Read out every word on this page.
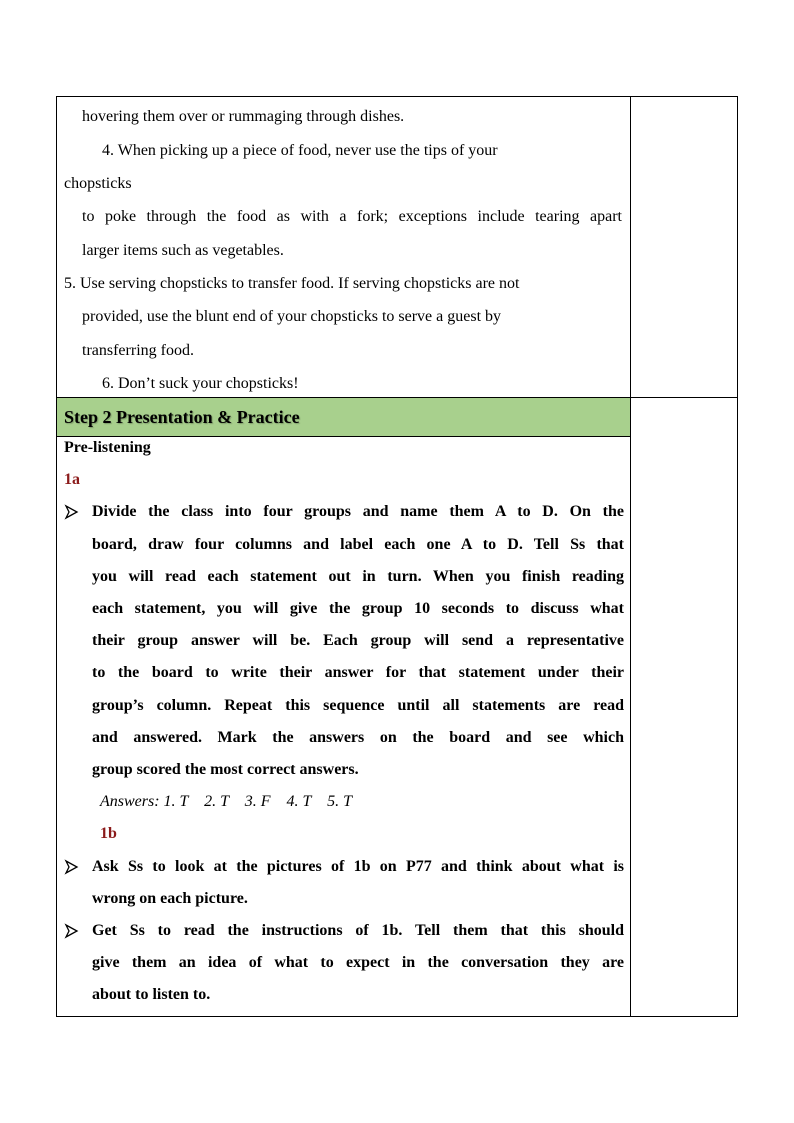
hovering them over or rummaging through dishes.
4. When picking up a piece of food, never use the tips of your
chopsticks
to poke through the food as with a fork; exceptions include tearing apart
larger items such as vegetables.
5. Use serving chopsticks to transfer food. If serving chopsticks are not
provided, use the blunt end of your chopsticks to serve a guest by
transferring food.
6. Don’t suck your chopsticks!
Step 2 Presentation & Practice
Pre-listening
1a
Divide the class into four groups and name them A to D. On the
board, draw four columns and label each one A to D. Tell Ss that
you will read each statement out in turn. When you finish reading
each statement, you will give the group 10 seconds to discuss what
their group answer will be. Each group will send a representative
to the board to write their answer for that statement under their
group’s column. Repeat this sequence until all statements are read
and answered. Mark the answers on the board and see which
group scored the most correct answers.
Answers: 1. T    2. T    3. F    4. T    5. T
1b
Ask Ss to look at the pictures of 1b on P77 and think about what is
wrong on each picture.
Get Ss to read the instructions of 1b. Tell them that this should
give them an idea of what to expect in the conversation they are
about to listen to.
